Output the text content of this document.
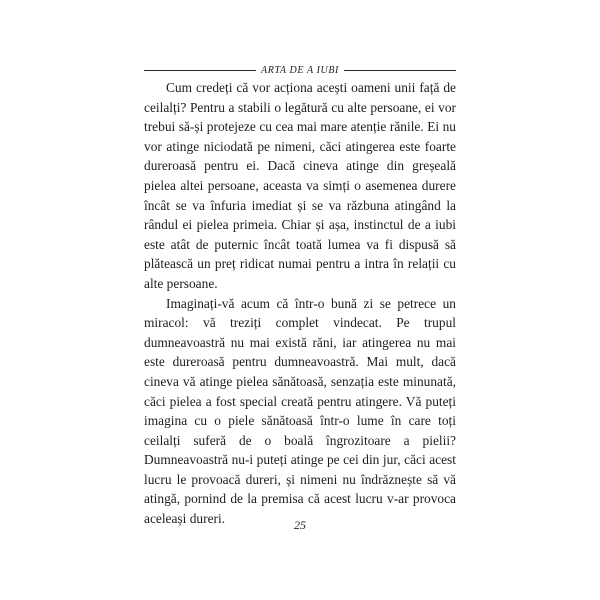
ARTA DE A IUBI

Cum credeți că vor acționa acești oameni unii față de ceilalți? Pentru a stabili o legătură cu alte persoane, ei vor trebui să-și protejeze cu cea mai mare atenție rănile. Ei nu vor atinge niciodată pe nimeni, căci atingerea este foarte dureroasă pentru ei. Dacă cineva atinge din greșeală pielea altei persoane, aceasta va simți o asemenea durere încât se va înfuria imediat și se va răzbuna atingând la rândul ei pielea primeia. Chiar și așa, instinctul de a iubi este atât de puternic încât toată lumea va fi dispusă să plătească un preț ridicat numai pentru a intra în relații cu alte persoane.

Imaginați-vă acum că într-o bună zi se petrece un miracol: vă treziți complet vindecat. Pe trupul dumneavoastră nu mai există răni, iar atingerea nu mai este dureroasă pentru dumneavoastră. Mai mult, dacă cineva vă atinge pielea sănătoasă, senzația este minunată, căci pielea a fost special creată pentru atingere. Vă puteți imagina cu o piele sănătoasă într-o lume în care toți ceilalți suferă de o boală îngrozitoare a pielii? Dumneavoastră nu-i puteți atinge pe cei din jur, căci acest lucru le provoacă dureri, și nimeni nu îndrăznește să vă atingă, pornind de la premisa că acest lucru v-ar provoca aceleași dureri.	25
